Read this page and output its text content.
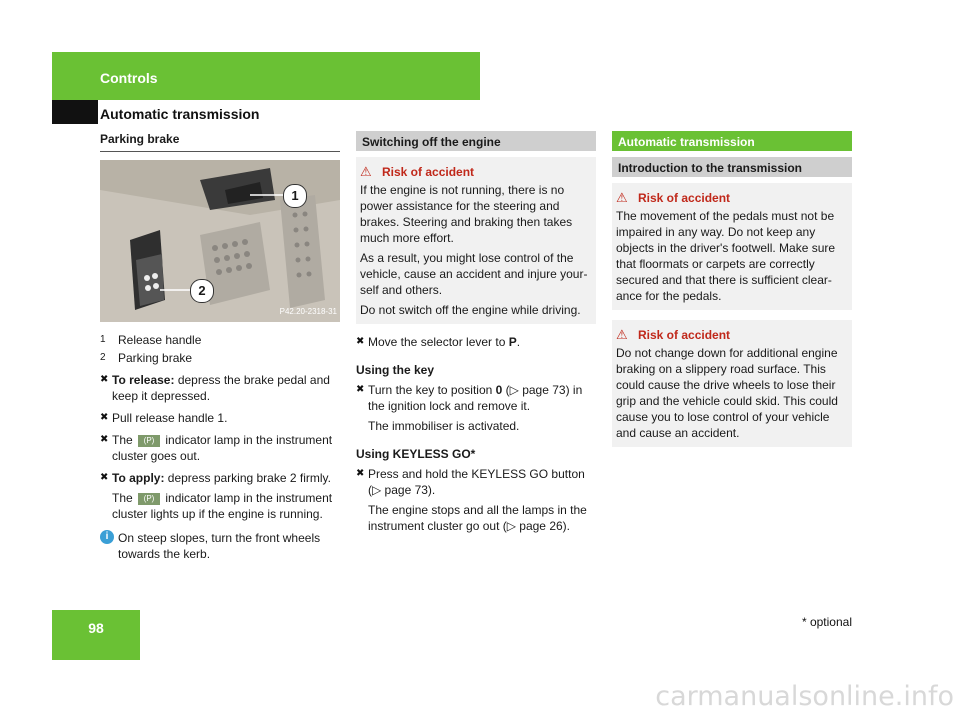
Controls
Automatic transmission
Parking brake
1
2
P42.20-2318-31
1	Release handle
2	Parking brake
✖ To release: depress the brake pedal and keep it depressed.
✖ Pull release handle 1.
✖ The (P) indicator lamp in the instrument cluster goes out.
✖ To apply: depress parking brake 2 firmly.
The (P) indicator lamp in the instrument cluster lights up if the engine is running.
i On steep slopes, turn the front wheels towards the kerb.
Switching off the engine
⚠ Risk of accident

If the engine is not running, there is no power assistance for the steering and brakes. Steering and braking then takes much more effort.

As a result, you might lose control of the vehicle, cause an accident and injure your-self and others.

Do not switch off the engine while driving.

✖ Move the selector lever to P.
Using the key
✖ Turn the key to position 0 (▷ page 73) in the ignition lock and remove it.
The immobiliser is activated.
Using KEYLESS GO*
✖ Press and hold the KEYLESS GO button (▷ page 73).
The engine stops and all the lamps in the instrument cluster go out (▷ page 26).
Automatic transmission
Introduction to the transmission
⚠ Risk of accident

The movement of the pedals must not be impaired in any way. Do not keep any objects in the driver's footwell. Make sure that floormats or carpets are correctly secured and that there is sufficient clear-ance for the pedals.

⚠ Risk of accident

Do not change down for additional engine braking on a slippery road surface. This could cause the drive wheels to lose their grip and the vehicle could skid. This could cause you to lose control of your vehicle and cause an accident.

98	* optional
carmanualsonline.info
